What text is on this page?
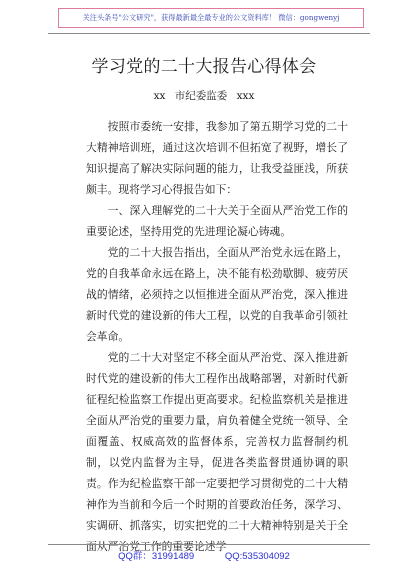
关注头条号"公文研究"，获得最新最全最专业的公文资料库！ 微信：gongwenyj
学习党的二十大报告心得体会
xx 市纪委监委 xxx

按照市委统一安排，我参加了第五期学习党的二十大精神培训班，通过这次培训不但拓宽了视野，增长了知识提高了解决实际问题的能力，让我受益匪浅，所获颇丰。现将学习心得报告如下：

一、深入理解党的二十大关于全面从严治党工作的重要论述，坚持用党的先进理论凝心铸魂。

党的二十大报告指出，全面从严治党永远在路上，党的自我革命永远在路上，决不能有松劲歇脚、疲劳厌战的情绪，必须持之以恒推进全面从严治党，深入推进新时代党的建设新的伟大工程，以党的自我革命引领社会革命。

党的二十大对坚定不移全面从严治党、深入推进新时代党的建设新的伟大工程作出战略部署，对新时代新征程纪检监察工作提出更高要求。纪检监察机关是推进全面从严治党的重要力量，肩负着健全党统一领导、全面覆盖、权威高效的监督体系，完善权力监督制约机制，以党内监督为主导，促进各类监督贯通协调的职责。作为纪检监察干部一定要把学习贯彻党的二十大精神作为当前和今后一个时期的首要政治任务，深学习、实调研、抓落实，切实把党的二十大精神特别是关于全面从严治党工作的重要论述学

QQ群：31991489	QQ:535304092
